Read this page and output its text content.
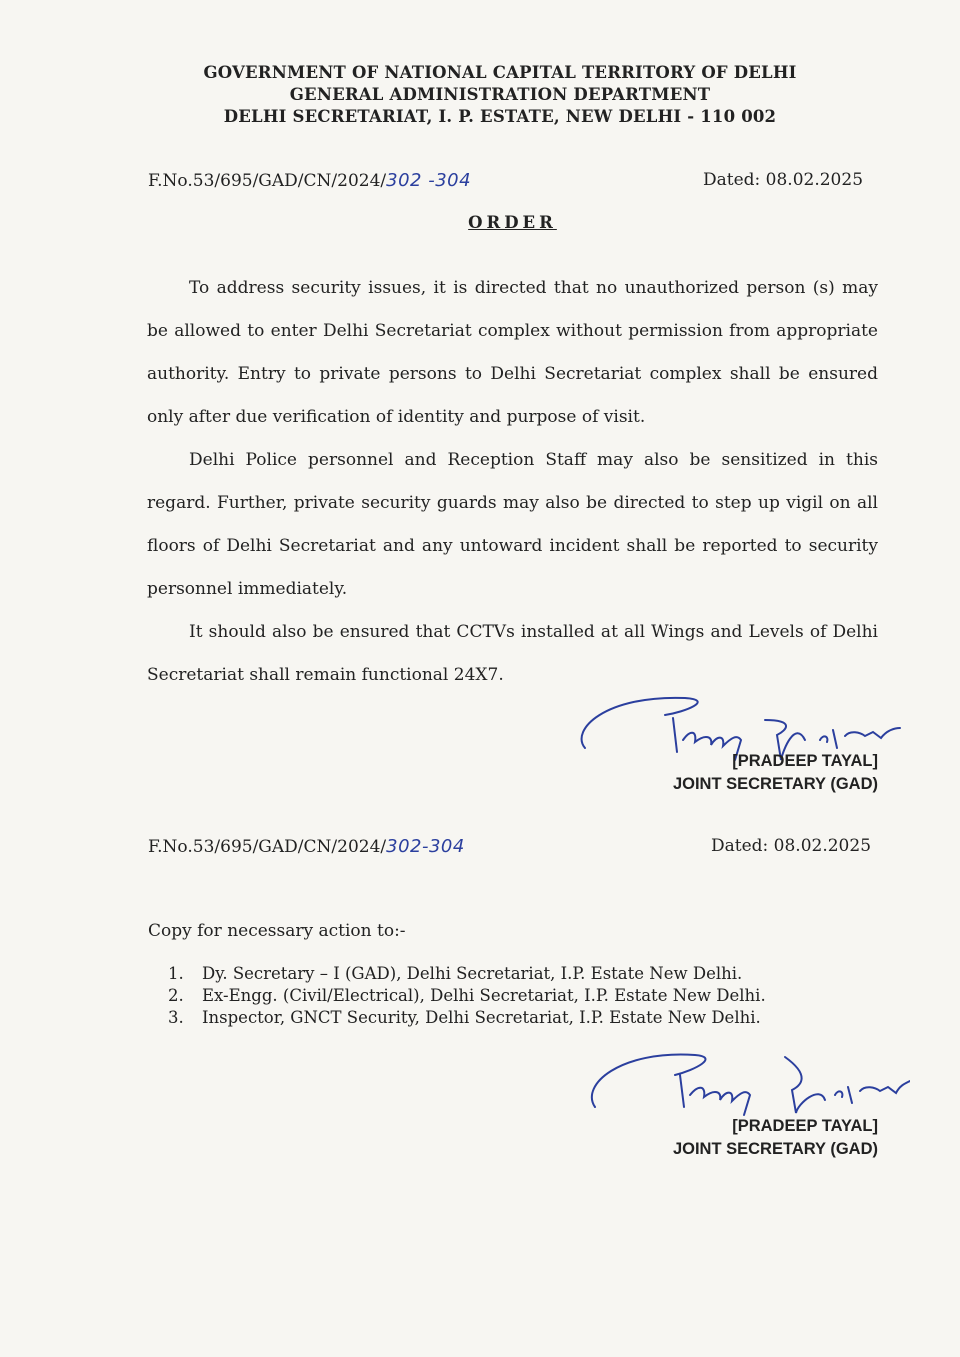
GOVERNMENT OF NATIONAL CAPITAL TERRITORY OF DELHI
GENERAL ADMINISTRATION DEPARTMENT
DELHI SECRETARIAT, I. P. ESTATE, NEW DELHI - 110 002
F.No.53/695/GAD/CN/2024/302 -304	Dated: 08.02.2025
ORDER

To address security issues, it is directed that no unauthorized person (s) may be allowed to enter Delhi Secretariat complex without permission from appropriate authority. Entry to private persons to Delhi Secretariat complex shall be ensured only after due verification of identity and purpose of visit.

Delhi Police personnel and Reception Staff may also be sensitized in this regard. Further, private security guards may also be directed to step up vigil on all floors of Delhi Secretariat and any untoward incident shall be reported to security personnel immediately.

It should also be ensured that CCTVs installed at all Wings and Levels of Delhi Secretariat shall remain functional 24X7.

[PRADEEP TAYAL]
JOINT SECRETARY (GAD)
F.No.53/695/GAD/CN/2024/302-304	Dated: 08.02.2025
Copy for necessary action to:-
1.	Dy. Secretary – I (GAD), Delhi Secretariat, I.P. Estate New Delhi.
2.	Ex-Engg. (Civil/Electrical), Delhi Secretariat, I.P. Estate New Delhi.
3.	Inspector, GNCT Security, Delhi Secretariat, I.P. Estate New Delhi.
[PRADEEP TAYAL]
JOINT SECRETARY (GAD)
